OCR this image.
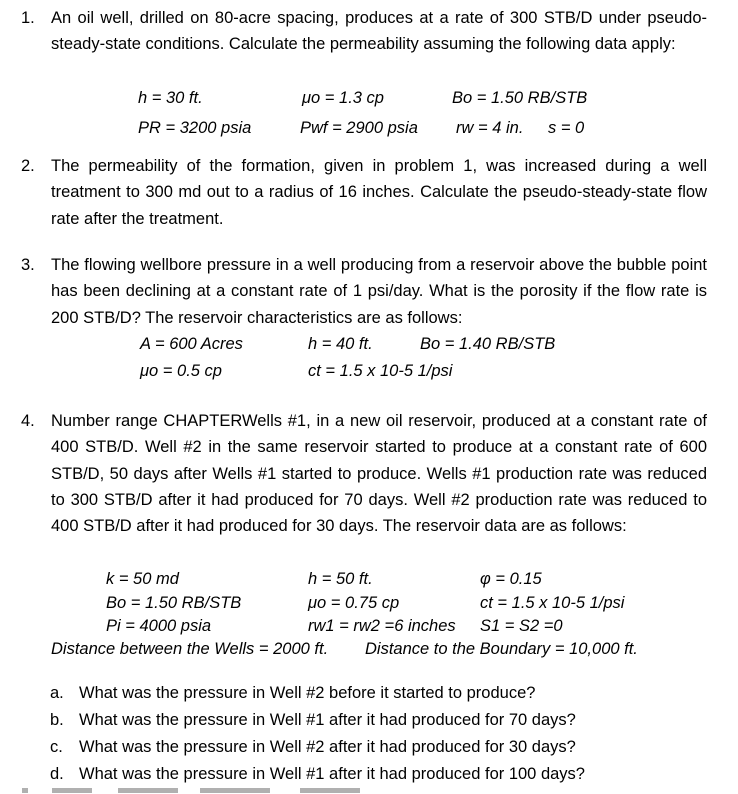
1. An oil well, drilled on 80-acre spacing, produces at a rate of 300 STB/D under pseudo-steady-state conditions. Calculate the permeability assuming the following data apply:
h = 30 ft.	μo = 1.3 cp	Bo = 1.50 RB/STB
PR = 3200 psia	Pwf = 2900 psia rw = 4 in. s = 0
2. The permeability of the formation, given in problem 1, was increased during a well treatment to 300 md out to a radius of 16 inches. Calculate the pseudo-steady-state flow rate after the treatment.
3. The flowing wellbore pressure in a well producing from a reservoir above the bubble point has been declining at a constant rate of 1 psi/day. What is the porosity if the flow rate is 200 STB/D? The reservoir characteristics are as follows:
A = 600 Acres	h = 40 ft.	Bo = 1.40 RB/STB
μo = 0.5 cp	ct = 1.5 x 10-5 1/psi
4. Number range CHAPTERWells #1, in a new oil reservoir, produced at a constant rate of 400 STB/D. Well #2 in the same reservoir started to produce at a constant rate of 600 STB/D, 50 days after Wells #1 started to produce. Wells #1 production rate was reduced to 300 STB/D after it had produced for 70 days. Well #2 production rate was reduced to 400 STB/D after it had produced for 30 days. The reservoir data are as follows:
k = 50 md	h = 50 ft.	φ = 0.15
Bo = 1.50 RB/STB	μo = 0.75 cp	ct = 1.5 x 10-5 1/psi
Pi = 4000 psia	rw1 = rw2 =6 inches S1 = S2 =0
Distance between the Wells = 2000 ft. Distance to the Boundary = 10,000 ft.
a. What was the pressure in Well #2 before it started to produce?
b. What was the pressure in Well #1 after it had produced for 70 days?
c. What was the pressure in Well #2 after it had produced for 30 days?
d. What was the pressure in Well #1 after it had produced for 100 days?
